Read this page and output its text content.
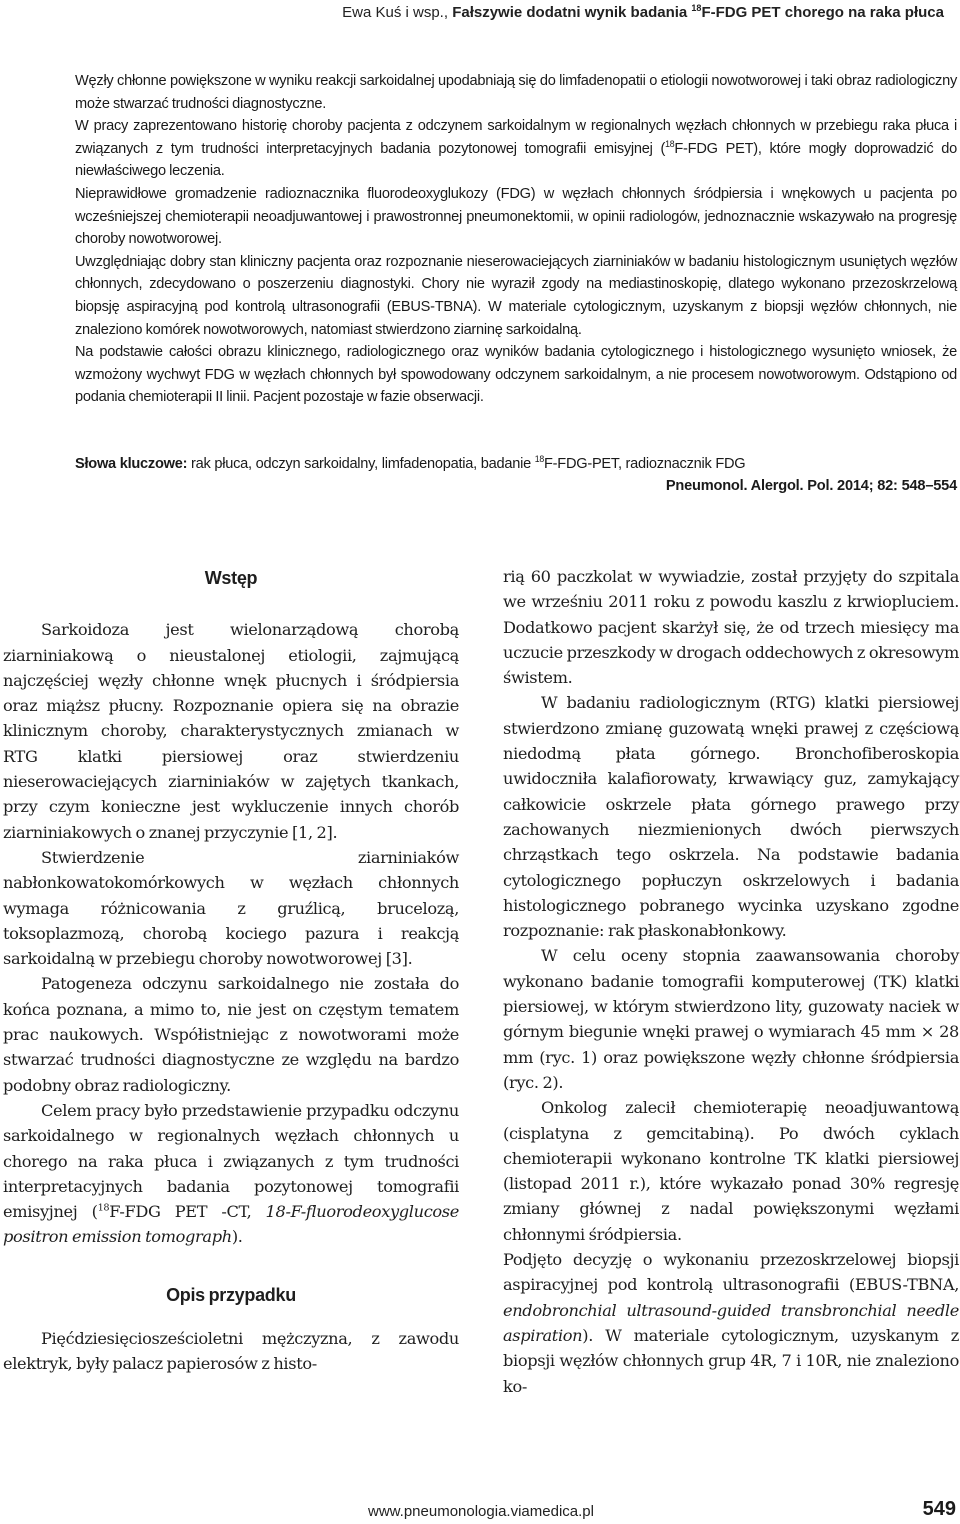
Ewa Kuś i wsp., Fałszywie dodatni wynik badania $^{18}$F-FDG PET chorego na raka płuca

Węzły chłonne powiększone w wyniku reakcji sarkoidalnej upodabniają się do limfadenopatii o etiologii nowotworowej i taki obraz radiologiczny może stwarzać trudności diagnostyczne.

W pracy zaprezentowano historię choroby pacjenta z odczynem sarkoidalnym w regionalnych węzłach chłonnych w przebiegu raka płuca i związanych z tym trudności interpretacyjnych badania pozytonowej tomografii emisyjnej ($^{18}$F-FDG PET), które mogły doprowadzić do niewłaściwego leczenia.

Nieprawidłowe gromadzenie radioznacznika fluorodeoxyglukozy (FDG) w węzłach chłonnych śródpiersia i wnękowych u pacjenta po wcześniejszej chemioterapii neoadjuwantowej i prawostronnej pneumonektomii, w opinii radiologów, jednoznacznie wskazywało na progresję choroby nowotworowej.

Uwzględniając dobry stan kliniczny pacjenta oraz rozpoznanie nieserowaciejących ziarniniaków w badaniu histologicznym usuniętych węzłów chłonnych, zdecydowano o poszerzeniu diagnostyki. Chory nie wyraził zgody na mediastinoskopię, dlatego wykonano przezoskrzelową biopsję aspiracyjną pod kontrolą ultrasonografii (EBUS-TBNA). W materiale cytologicznym, uzyskanym z biopsji węzłów chłonnych, nie znaleziono komórek nowotworowych, natomiast stwierdzono ziarninę sarkoidalną.

Na podstawie całości obrazu klinicznego, radiologicznego oraz wyników badania cytologicznego i histologicznego wysunięto wniosek, że wzmożony wychwyt FDG w węzłach chłonnych był spowodowany odczynem sarkoidalnym, a nie procesem nowotworowym. Odstąpiono od podania chemioterapii II linii. Pacjent pozostaje w fazie obserwacji.

Słowa kluczowe: rak płuca, odczyn sarkoidalny, limfadenopatia, badanie $^{18}$F-FDG-PET, radioznacznik FDG
Pneumonol. Alergol. Pol. 2014; 82: 548–554
Wstęp

Sarkoidoza jest wielonarządową chorobą ziarniniakową o nieustalonej etiologii, zajmującą najczęściej węzły chłonne wnęk płucnych i śródpiersia oraz miąższ płucny. Rozpoznanie opiera się na obrazie klinicznym choroby, charakterystycznych zmianach w RTG klatki piersiowej oraz stwierdzeniu nieserowaciejących ziarniniaków w zajętych tkankach, przy czym konieczne jest wykluczenie innych chorób ziarniniakowych o znanej przyczynie [1, 2].

Stwierdzenie ziarniniaków nabłonkowatokomórkowych w węzłach chłonnych wymaga różnicowania z gruźlicą, brucelozą, toksoplazmozą, chorobą kociego pazura i reakcją sarkoidalną w przebiegu choroby nowotworowej [3].

Patogeneza odczynu sarkoidalnego nie została do końca poznana, a mimo to, nie jest on częstym tematem prac naukowych. Współistniejąc z nowotworami może stwarzać trudności diagnostyczne ze względu na bardzo podobny obraz radiologiczny.

Celem pracy było przedstawienie przypadku odczynu sarkoidalnego w regionalnych węzłach chłonnych u chorego na raka płuca i związanych z tym trudności interpretacyjnych badania pozytonowej tomografii emisyjnej ($^{18}$F-FDG PET -CT, 18-F-fluorodeoxyglucose positron emission tomograph).

Opis przypadku

Pięćdziesięciosześcioletni mężczyzna, z zawodu elektryk, były palacz papierosów z histo-

rią 60 paczkolat w wywiadzie, został przyjęty do szpitala we wrześniu 2011 roku z powodu kaszlu z krwiopluciem. Dodatkowo pacjent skarżył się, że od trzech miesięcy ma uczucie przeszkody w drogach oddechowych z okresowym świstem.

W badaniu radiologicznym (RTG) klatki piersiowej stwierdzono zmianę guzowatą wnęki prawej z częściową niedodmą płata górnego. Bronchofiberoskopia uwidoczniła kalafiorowaty, krwawiący guz, zamykający całkowicie oskrzele płata górnego prawego przy zachowanych niezmienionych dwóch pierwszych chrząstkach tego oskrzela. Na podstawie badania cytologicznego popłuczyn oskrzelowych i badania histologicznego pobranego wycinka uzyskano zgodne rozpoznanie: rak płaskonabłonkowy.

W celu oceny stopnia zaawansowania choroby wykonano badanie tomografii komputerowej (TK) klatki piersiowej, w którym stwierdzono lity, guzowaty naciek w górnym biegunie wnęki prawej o wymiarach 45 mm × 28 mm (ryc. 1) oraz powiększone węzły chłonne śródpiersia (ryc. 2).

Onkolog zalecił chemioterapię neoadjuwantową (cisplatyna z gemcitabiną). Po dwóch cyklach chemioterapii wykonano kontrolne TK klatki piersiowej (listopad 2011 r.), które wykazało ponad 30% regresję zmiany głównej z nadal powiększonymi węzłami chłonnymi śródpiersia.

Podjęto decyzję o wykonaniu przezoskrzelowej biopsji aspiracyjnej pod kontrolą ultrasonografii (EBUS-TBNA, endobronchial ultrasound-guided transbronchial needle aspiration). W materiale cytologicznym, uzyskanym z biopsji węzłów chłonnych grup 4R, 7 i 10R, nie znaleziono ko-

www.pneumonologia.viamedica.pl	549
